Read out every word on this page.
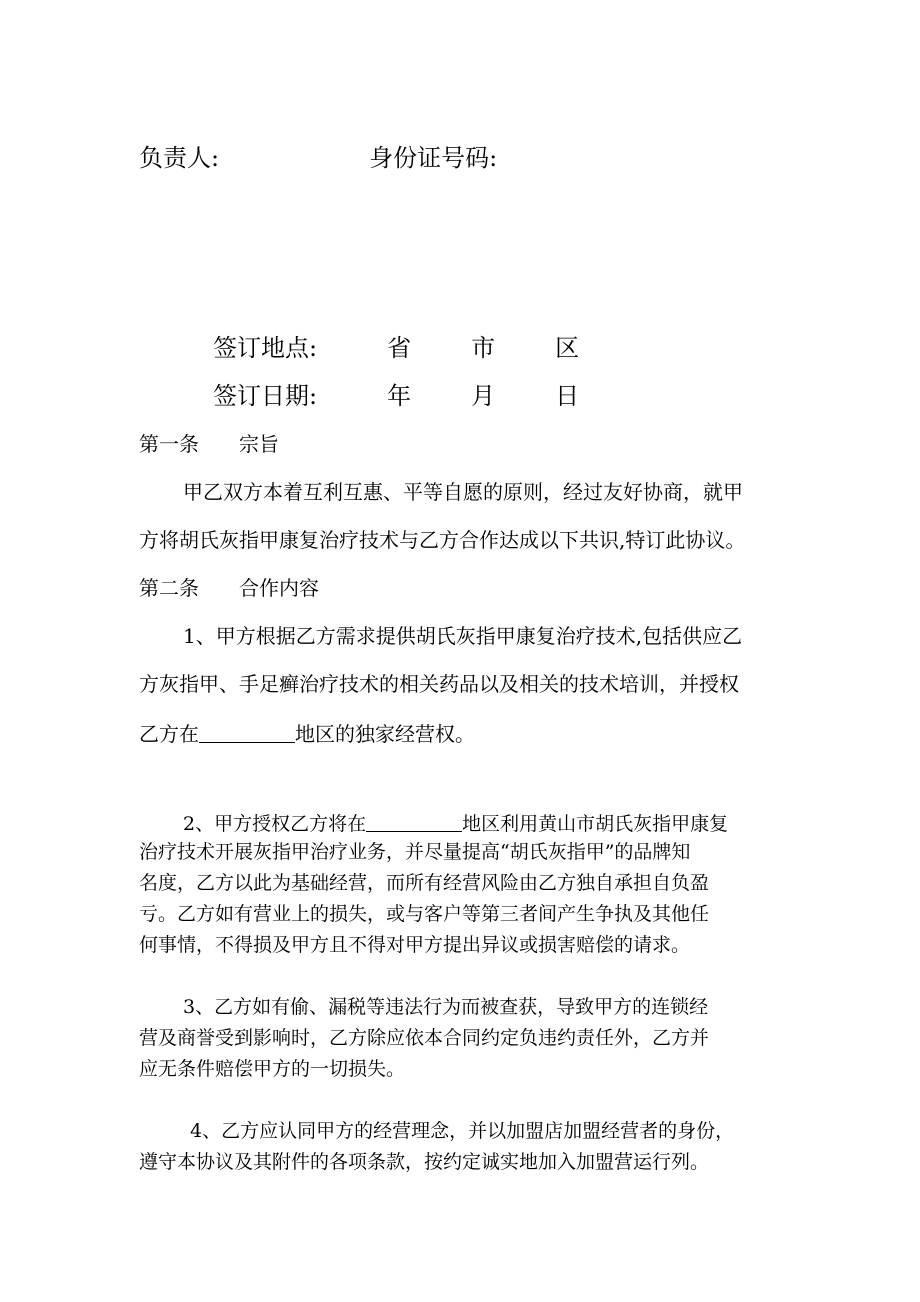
负责人:	身份证号码:
签订地点:	省	市	区
签订日期:	年	月	日
第一条 宗旨
甲乙双方本着互利互惠、平等自愿的原则，经过友好协商，就甲
方将胡氏灰指甲康复治疗技术与乙方合作达成以下共识,特订此协议。
第二条 合作内容
1、甲方根据乙方需求提供胡氏灰指甲康复治疗技术,包括供应乙
方灰指甲、手足癣治疗技术的相关药品以及相关的技术培训，并授权
乙方在	地区的独家经营权。
2、甲方授权乙方将在	地区利用黄山市胡氏灰指甲康复
治疗技术开展灰指甲治疗业务，并尽量提高“胡氏灰指甲”的品牌知
名度，乙方以此为基础经营，而所有经营风险由乙方独自承担自负盈
亏。乙方如有营业上的损失，或与客户等第三者间产生争执及其他任
何事情，不得损及甲方且不得对甲方提出异议或损害赔偿的请求。
3、乙方如有偷、漏税等违法行为而被查获，导致甲方的连锁经
营及商誉受到影响时，乙方除应依本合同约定负违约责任外，乙方并
应无条件赔偿甲方的一切损失。
4、乙方应认同甲方的经营理念，并以加盟店加盟经营者的身份，
遵守本协议及其附件的各项条款，按约定诚实地加入加盟营运行列。
